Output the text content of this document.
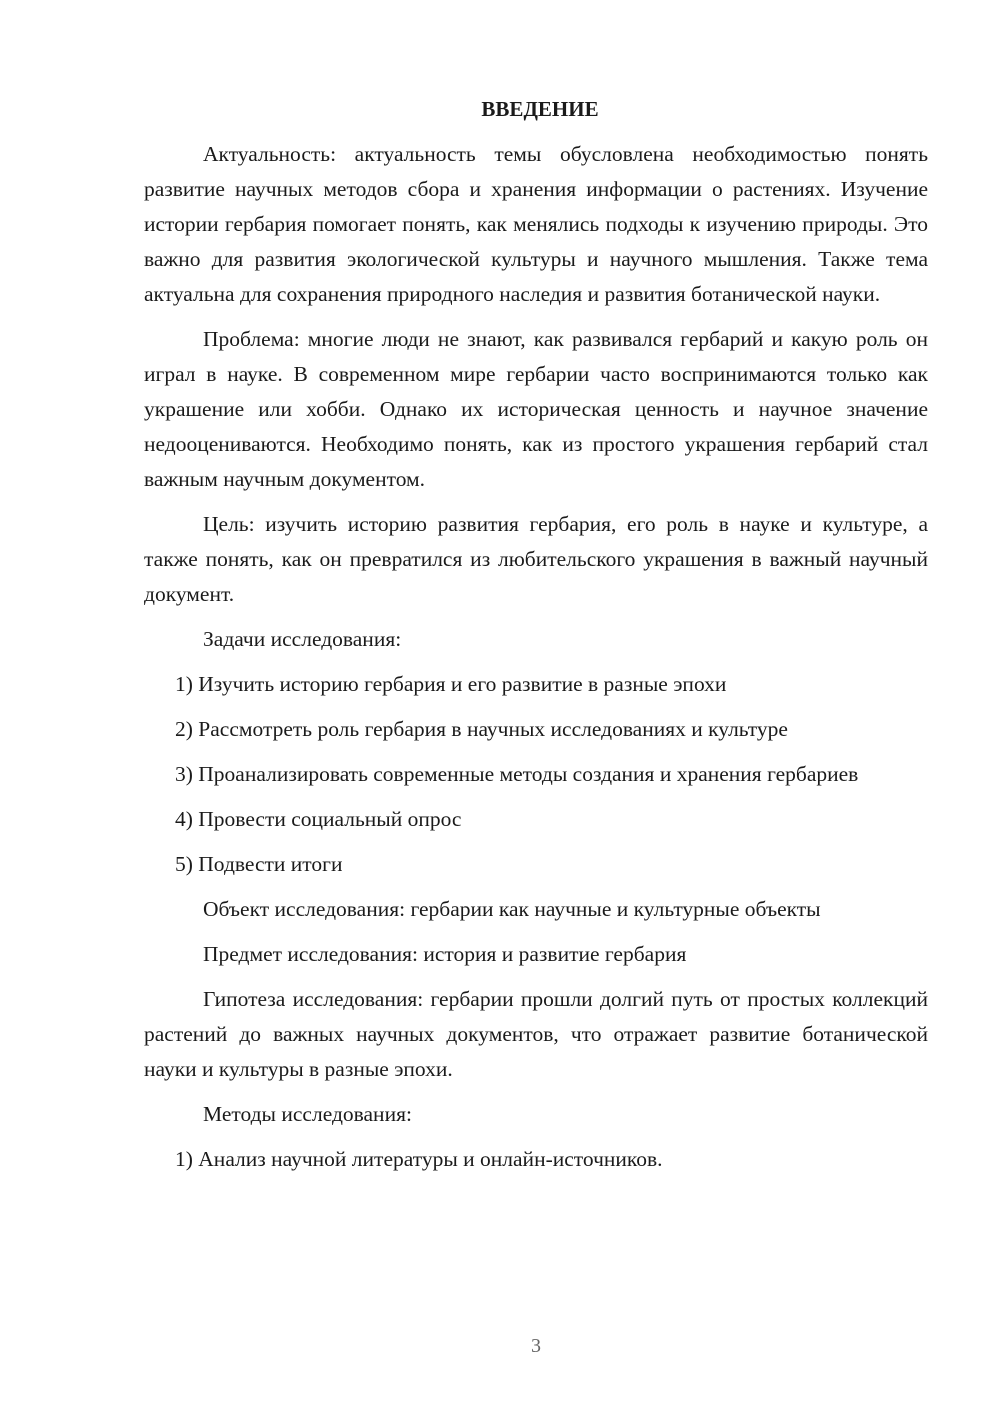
ВВЕДЕНИЕ

Актуальность: актуальность темы обусловлена необходимостью понять развитие научных методов сбора и хранения информации о растениях. Изучение истории гербария помогает понять, как менялись подходы к изучению природы. Это важно для развития экологической культуры и научного мышления. Также тема актуальна для сохранения природного наследия и развития ботанической науки.

Проблема: многие люди не знают, как развивался гербарий и какую роль он играл в науке. В современном мире гербарии часто воспринимаются только как украшение или хобби. Однако их историческая ценность и научное значение недооцениваются. Необходимо понять, как из простого украшения гербарий стал важным научным документом.

Цель: изучить историю развития гербария, его роль в науке и культуре, а также понять, как он превратился из любительского украшения в важный научный документ.

Задачи исследования:
1) Изучить историю гербария и его развитие в разные эпохи
2) Рассмотреть роль гербария в научных исследованиях и культуре
3) Проанализировать современные методы создания и хранения гербариев
4) Провести социальный опрос
5) Подвести итоги
Объект исследования: гербарии как научные и культурные объекты
Предмет исследования: история и развитие гербария

Гипотеза исследования: гербарии прошли долгий путь от простых коллекций растений до важных научных документов, что отражает развитие ботанической науки и культуры в разные эпохи.

Методы исследования:
1) Анализ научной литературы и онлайн-источников.
3
